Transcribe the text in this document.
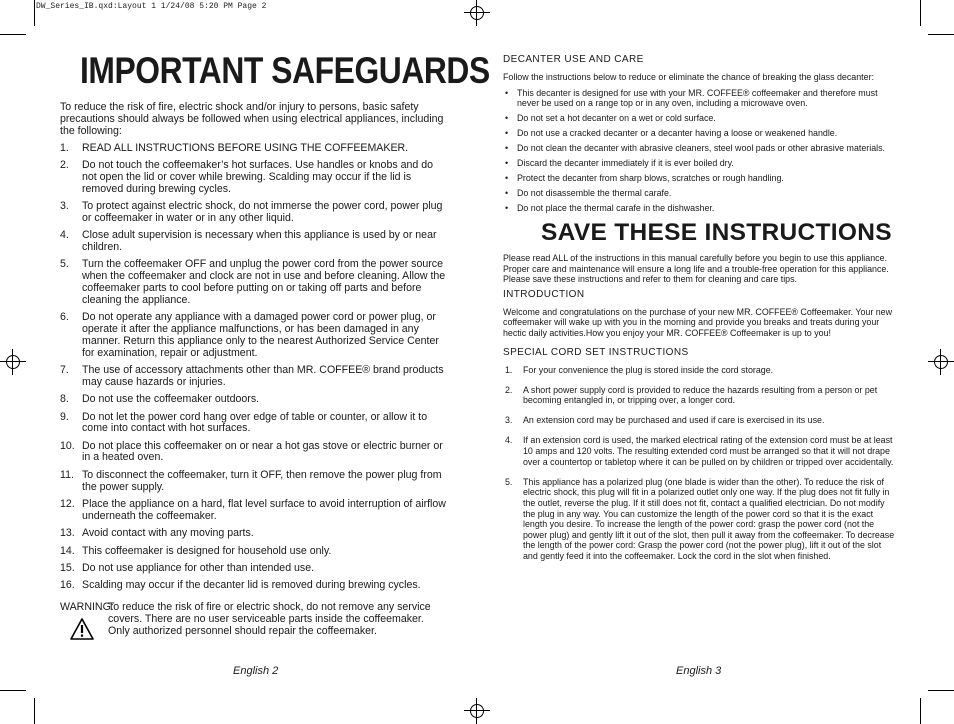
DW_Series_IB.qxd:Layout 1 1/24/08 5:20 PM Page 2
IMPORTANT SAFEGUARDS

To reduce the risk of fire, electric shock and/or injury to persons, basic safety precautions should always be followed when using electrical appliances, including the following:

1. READ ALL INSTRUCTIONS BEFORE USING THE COFFEEMAKER.
2. Do not touch the coffeemaker’s hot surfaces. Use handles or knobs and do not open the lid or cover while brewing. Scalding may occur if the lid is removed during brewing cycles.
3. To protect against electric shock, do not immerse the power cord, power plug or coffeemaker in water or in any other liquid.
4. Close adult supervision is necessary when this appliance is used by or near children.
5. Turn the coffeemaker OFF and unplug the power cord from the power source when the coffeemaker and clock are not in use and before cleaning. Allow the coffeemaker parts to cool before putting on or taking off parts and before cleaning the appliance.
6. Do not operate any appliance with a damaged power cord or power plug, or operate it after the appliance malfunctions, or has been damaged in any manner. Return this appliance only to the nearest Authorized Service Center for examination, repair or adjustment.
7. The use of accessory attachments other than MR. COFFEE® brand products may cause hazards or injuries.
8. Do not use the coffeemaker outdoors.
9. Do not let the power cord hang over edge of table or counter, or allow it to come into contact with hot surfaces.
10. Do not place this coffeemaker on or near a hot gas stove or electric burner or in a heated oven.
11. To disconnect the coffeemaker, turn it OFF, then remove the power plug from the power supply.
12. Place the appliance on a hard, flat level surface to avoid interruption of airflow underneath the coffeemaker.
13. Avoid contact with any moving parts.
14. This coffeemaker is designed for household use only.
15. Do not use appliance for other than intended use.
16. Scalding may occur if the decanter lid is removed during brewing cycles.
WARNING:
To reduce the risk of fire or electric shock, do not remove any service covers. There are no user serviceable parts inside the coffeemaker. Only authorized personnel should repair the coffeemaker.
English 2
DECANTER USE AND CARE
Follow the instructions below to reduce or eliminate the chance of breaking the glass decanter:
• This decanter is designed for use with your MR. COFFEE® coffeemaker and therefore must never be used on a range top or in any oven, including a microwave oven.
• Do not set a hot decanter on a wet or cold surface.
• Do not use a cracked decanter or a decanter having a loose or weakened handle.
• Do not clean the decanter with abrasive cleaners, steel wool pads or other abrasive materials.
• Discard the decanter immediately if it is ever boiled dry.
• Protect the decanter from sharp blows, scratches or rough handling.
• Do not disassemble the thermal carafe.
• Do not place the thermal carafe in the dishwasher.
SAVE THESE INSTRUCTIONS
Please read ALL of the instructions in this manual carefully before you begin to use this appliance. Proper care and maintenance will ensure a long life and a trouble-free operation for this appliance. Please save these instructions and refer to them for cleaning and care tips.
INTRODUCTION
Welcome and congratulations on the purchase of your new MR. COFFEE® Coffeemaker. Your new coffeemaker will wake up with you in the morning and provide you breaks and treats during your hectic daily activities.How you enjoy your MR. COFFEE® Coffeemaker is up to you!
SPECIAL CORD SET INSTRUCTIONS
1. For your convenience the plug is stored inside the cord storage.
2. A short power supply cord is provided to reduce the hazards resulting from a person or pet becoming entangled in, or tripping over, a longer cord.
3. An extension cord may be purchased and used if care is exercised in its use.
4. If an extension cord is used, the marked electrical rating of the extension cord must be at least 10 amps and 120 volts. The resulting extended cord must be arranged so that it will not drape over a countertop or tabletop where it can be pulled on by children or tripped over accidentally.
5. This appliance has a polarized plug (one blade is wider than the other). To reduce the risk of electric shock, this plug will fit in a polarized outlet only one way. If the plug does not fit fully in the outlet, reverse the plug. If it still does not fit, contact a qualified electrician. Do not modify the plug in any way. You can customize the length of the power cord so that it is the exact length you desire. To increase the length of the power cord: grasp the power cord (not the power plug) and gently lift it out of the slot, then pull it away from the coffeemaker. To decrease the length of the power cord: Grasp the power cord (not the power plug), lift it out of the slot and gently feed it into the coffeemaker. Lock the cord in the slot when finished.
English 3
